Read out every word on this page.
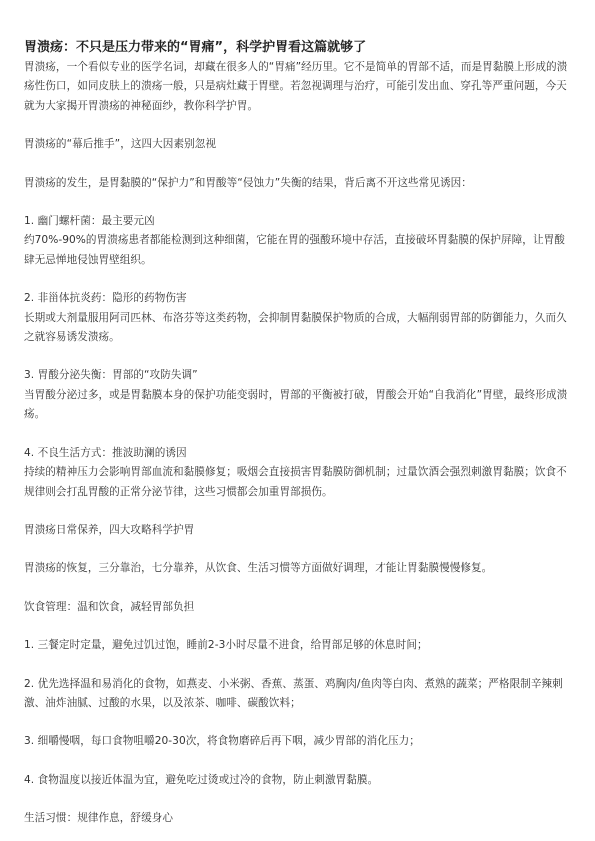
胃溃疡：不只是压力带来的“胃痛”，科学护胃看这篇就够了

胃溃疡，一个看似专业的医学名词，却藏在很多人的“胃痛”经历里。它不是简单的胃部不适，而是胃黏膜上形成的溃疡性伤口，如同皮肤上的溃疡一般，只是病灶藏于胃壁。若忽视调理与治疗，可能引发出血、穿孔等严重问题，今天就为大家揭开胃溃疡的神秘面纱，教你科学护胃。

胃溃疡的“幕后推手”，这四大因素别忽视

胃溃疡的发生，是胃黏膜的“保护力”和胃酸等“侵蚀力”失衡的结果，背后离不开这些常见诱因：

1. 幽门螺杆菌：最主要元凶

约70%-90%的胃溃疡患者都能检测到这种细菌，它能在胃的强酸环境中存活，直接破坏胃黏膜的保护屏障，让胃酸肆无忌惮地侵蚀胃壁组织。

2. 非甾体抗炎药：隐形的药物伤害

长期或大剂量服用阿司匹林、布洛芬等这类药物，会抑制胃黏膜保护物质的合成，大幅削弱胃部的防御能力，久而久之就容易诱发溃疡。

3. 胃酸分泌失衡：胃部的“攻防失调”

当胃酸分泌过多，或是胃黏膜本身的保护功能变弱时，胃部的平衡被打破，胃酸会开始“自我消化”胃壁，最终形成溃疡。

4. 不良生活方式：推波助澜的诱因

持续的精神压力会影响胃部血流和黏膜修复；吸烟会直接损害胃黏膜防御机制；过量饮酒会强烈刺激胃黏膜；饮食不规律则会打乱胃酸的正常分泌节律，这些习惯都会加重胃部损伤。

胃溃疡日常保养，四大攻略科学护胃

胃溃疡的恢复，三分靠治，七分靠养，从饮食、生活习惯等方面做好调理，才能让胃黏膜慢慢修复。

饮食管理：温和饮食，减轻胃部负担

1. 三餐定时定量，避免过饥过饱，睡前2-3小时尽量不进食，给胃部足够的休息时间；

2. 优先选择温和易消化的食物，如燕麦、小米粥、香蕉、蒸蛋、鸡胸肉/鱼肉等白肉、煮熟的蔬菜；严格限制辛辣刺激、油炸油腻、过酸的水果，以及浓茶、咖啡、碳酸饮料；

3. 细嚼慢咽，每口食物咀嚼20-30次，将食物磨碎后再下咽，减少胃部的消化压力；

4. 食物温度以接近体温为宜，避免吃过烫或过冷的食物，防止刺激胃黏膜。

生活习惯：规律作息，舒缓身心
